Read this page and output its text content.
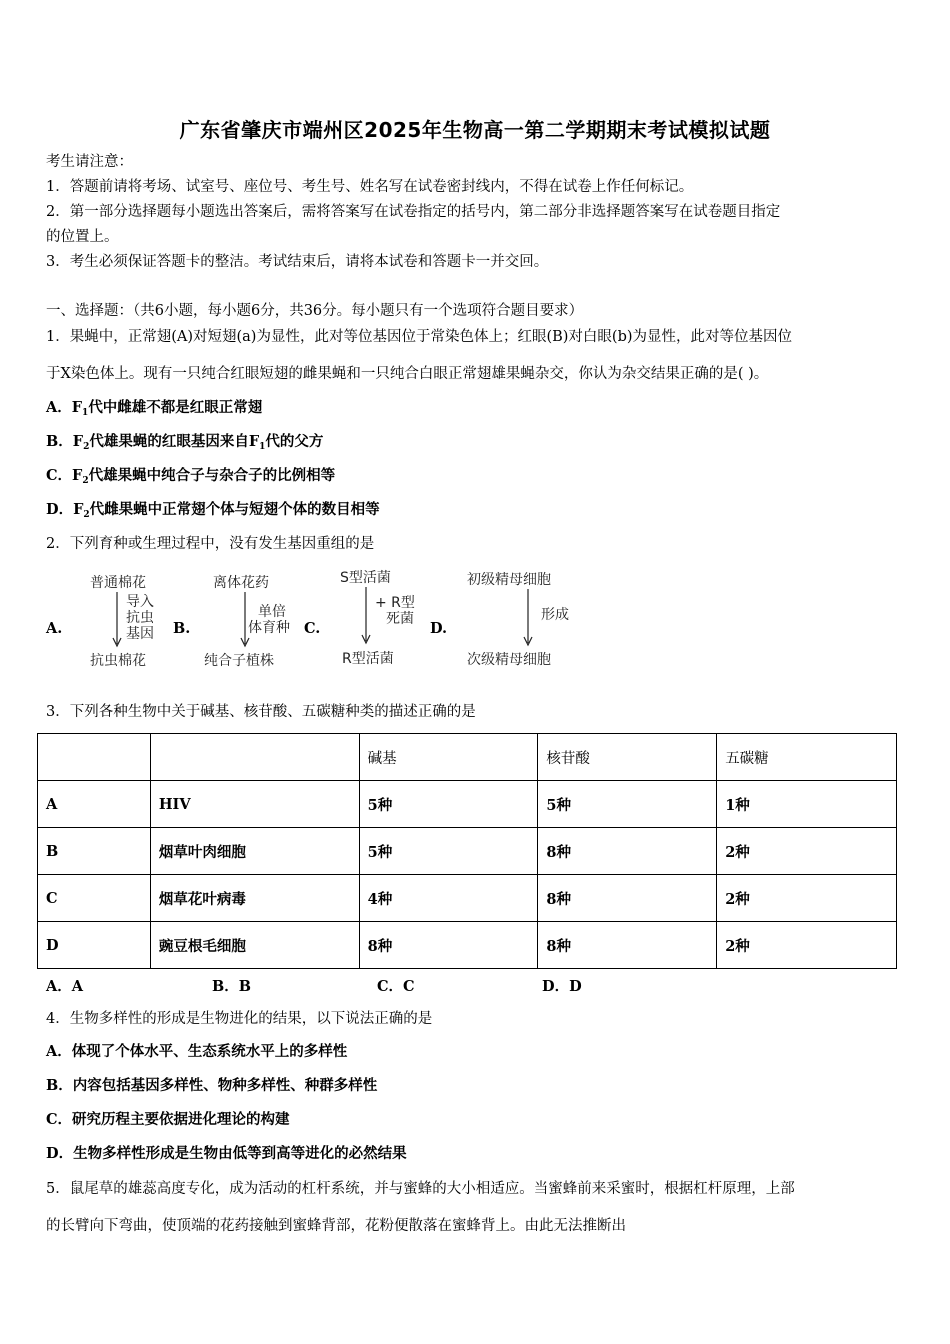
广东省肇庆市端州区2025年生物高一第二学期期末考试模拟试题
考生请注意：
1．答题前请将考场、试室号、座位号、考生号、姓名写在试卷密封线内，不得在试卷上作任何标记。
2．第一部分选择题每小题选出答案后，需将答案写在试卷指定的括号内，第二部分非选择题答案写在试卷题目指定
的位置上。
3．考生必须保证答题卡的整洁。考试结束后，请将本试卷和答题卡一并交回。
一、选择题：（共6小题，每小题6分，共36分。每小题只有一个选项符合题目要求）
1．果蝇中，正常翅(A)对短翅(a)为显性，此对等位基因位于常染色体上；红眼(B)对白眼(b)为显性，此对等位基因位
于X染色体上。现有一只纯合红眼短翅的雌果蝇和一只纯合白眼正常翅雄果蝇杂交，你认为杂交结果正确的是( )。
A．$F_1$代中雌雄不都是红眼正常翅
B．$F_2$代雄果蝇的红眼基因来自$F_1$代的父方
C．$F_2$代雄果蝇中纯合子与杂合子的比例相等
D．$F_2$代雌果蝇中正常翅个体与短翅个体的数目相等
2．下列育种或生理过程中，没有发生基因重组的是
A.	B.	C.	D.
普通棉花
导入
抗虫
基因
抗虫棉花
离体花药
单倍
体育种
纯合子植株
S型活菌
+ R型
死菌
R型活菌
初级精母细胞
形成
次级精母细胞
3．下列各种生物中关于碱基、核苷酸、五碳糖种类的描述正确的是
		碱基	核苷酸	五碳糖
A	HIV	5种	5种	1种
B	烟草叶肉细胞	5种	8种	2种
C	烟草花叶病毒	4种	8种	2种
D	豌豆根毛细胞	8种	8种	2种
A．A	B．B	C．C	D．D
4．生物多样性的形成是生物进化的结果，以下说法正确的是
A．体现了个体水平、生态系统水平上的多样性
B．内容包括基因多样性、物种多样性、种群多样性
C．研究历程主要依据进化理论的构建
D．生物多样性形成是生物由低等到高等进化的必然结果
5．鼠尾草的雄蕊高度专化，成为活动的杠杆系统，并与蜜蜂的大小相适应。当蜜蜂前来采蜜时，根据杠杆原理，上部
的长臂向下弯曲，使顶端的花药接触到蜜蜂背部，花粉便散落在蜜蜂背上。由此无法推断出
